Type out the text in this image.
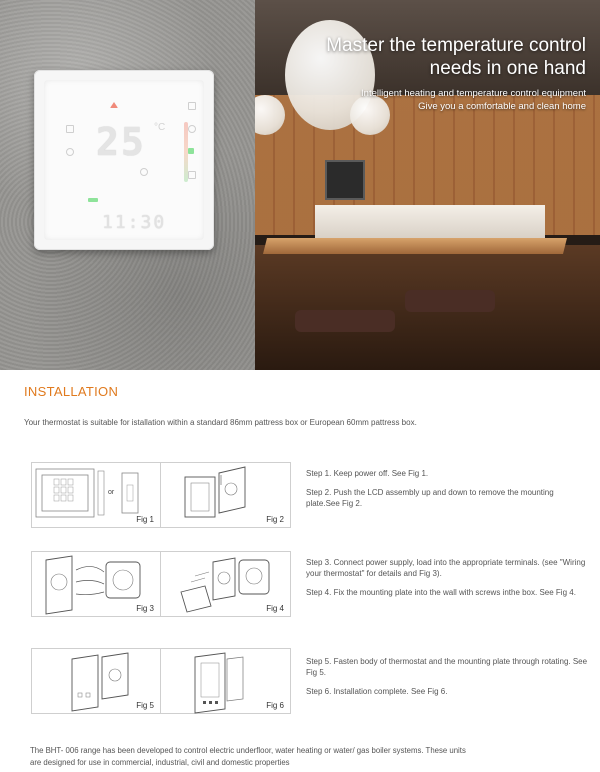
25 °C
11:30
Master the temperature control
needs in one hand
Intelligent heating and temperature control equipment
Give you a comfortable and clean home
INSTALLATION
Your thermostat is suitable for istallation within a standard 86mm pattress box or European 60mm pattress box.
or
Fig 1	Fig 2
Fig 3	Fig 4
Fig 5	Fig 6

Step 1. Keep power off. See Fig 1.

Step 2. Push the LCD assembly up and down to remove the mounting plate.See Fig 2.

Step 3. Connect power supply, load into the appropriate terminals. (see "Wiring your thermostat" for details and Fig 3).

Step 4. Fix the mounting plate into the wall with screws inthe box. See Fig 4.

Step 5. Fasten body of thermostat and the mounting plate through rotating. See Fig 5.

Step 6. Installation complete. See Fig 6.

The BHT- 006 range has been developed to control electric underfloor, water heating or water/ gas boiler systems. These units
are designed for use in commercial, industrial, civil and domestic properties
